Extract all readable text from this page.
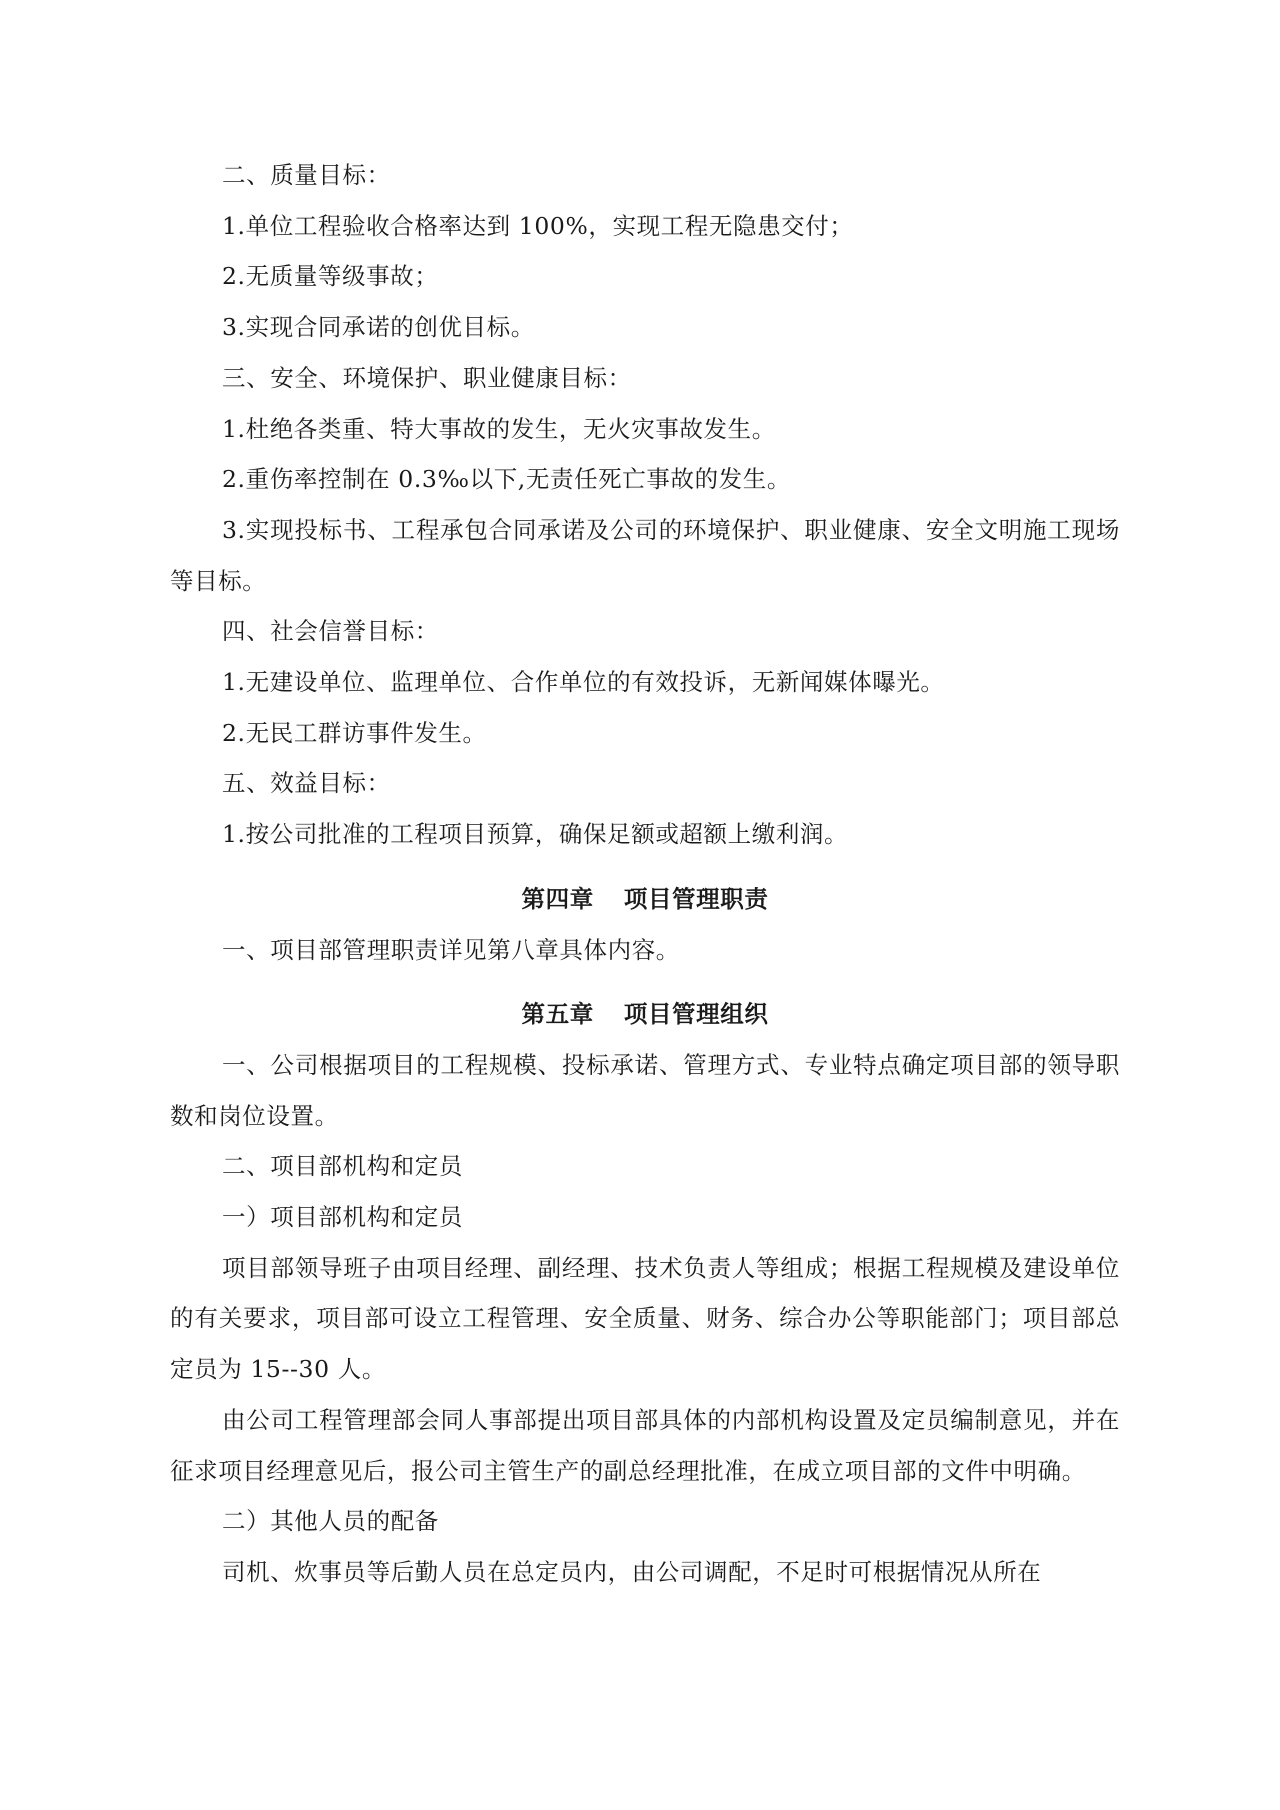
二、质量目标：

1.单位工程验收合格率达到 100%，实现工程无隐患交付；

2.无质量等级事故；

3.实现合同承诺的创优目标。

三、安全、环境保护、职业健康目标：

1.杜绝各类重、特大事故的发生，无火灾事故发生。

2.重伤率控制在 0.3‰以下,无责任死亡事故的发生。

3.实现投标书、工程承包合同承诺及公司的环境保护、职业健康、安全文明施工现场等目标。

四、社会信誉目标：

1.无建设单位、监理单位、合作单位的有效投诉，无新闻媒体曝光。

2.无民工群访事件发生。

五、效益目标：

1.按公司批准的工程项目预算，确保足额或超额上缴利润。

第四章 项目管理职责

一、项目部管理职责详见第八章具体内容。

第五章 项目管理组织

一、公司根据项目的工程规模、投标承诺、管理方式、专业特点确定项目部的领导职数和岗位设置。

二、项目部机构和定员

一）项目部机构和定员

项目部领导班子由项目经理、副经理、技术负责人等组成；根据工程规模及建设单位的有关要求，项目部可设立工程管理、安全质量、财务、综合办公等职能部门；项目部总定员为 15--30 人。

由公司工程管理部会同人事部提出项目部具体的内部机构设置及定员编制意见，并在征求项目经理意见后，报公司主管生产的副总经理批准，在成立项目部的文件中明确。

二）其他人员的配备

司机、炊事员等后勤人员在总定员内，由公司调配，不足时可根据情况从所在
